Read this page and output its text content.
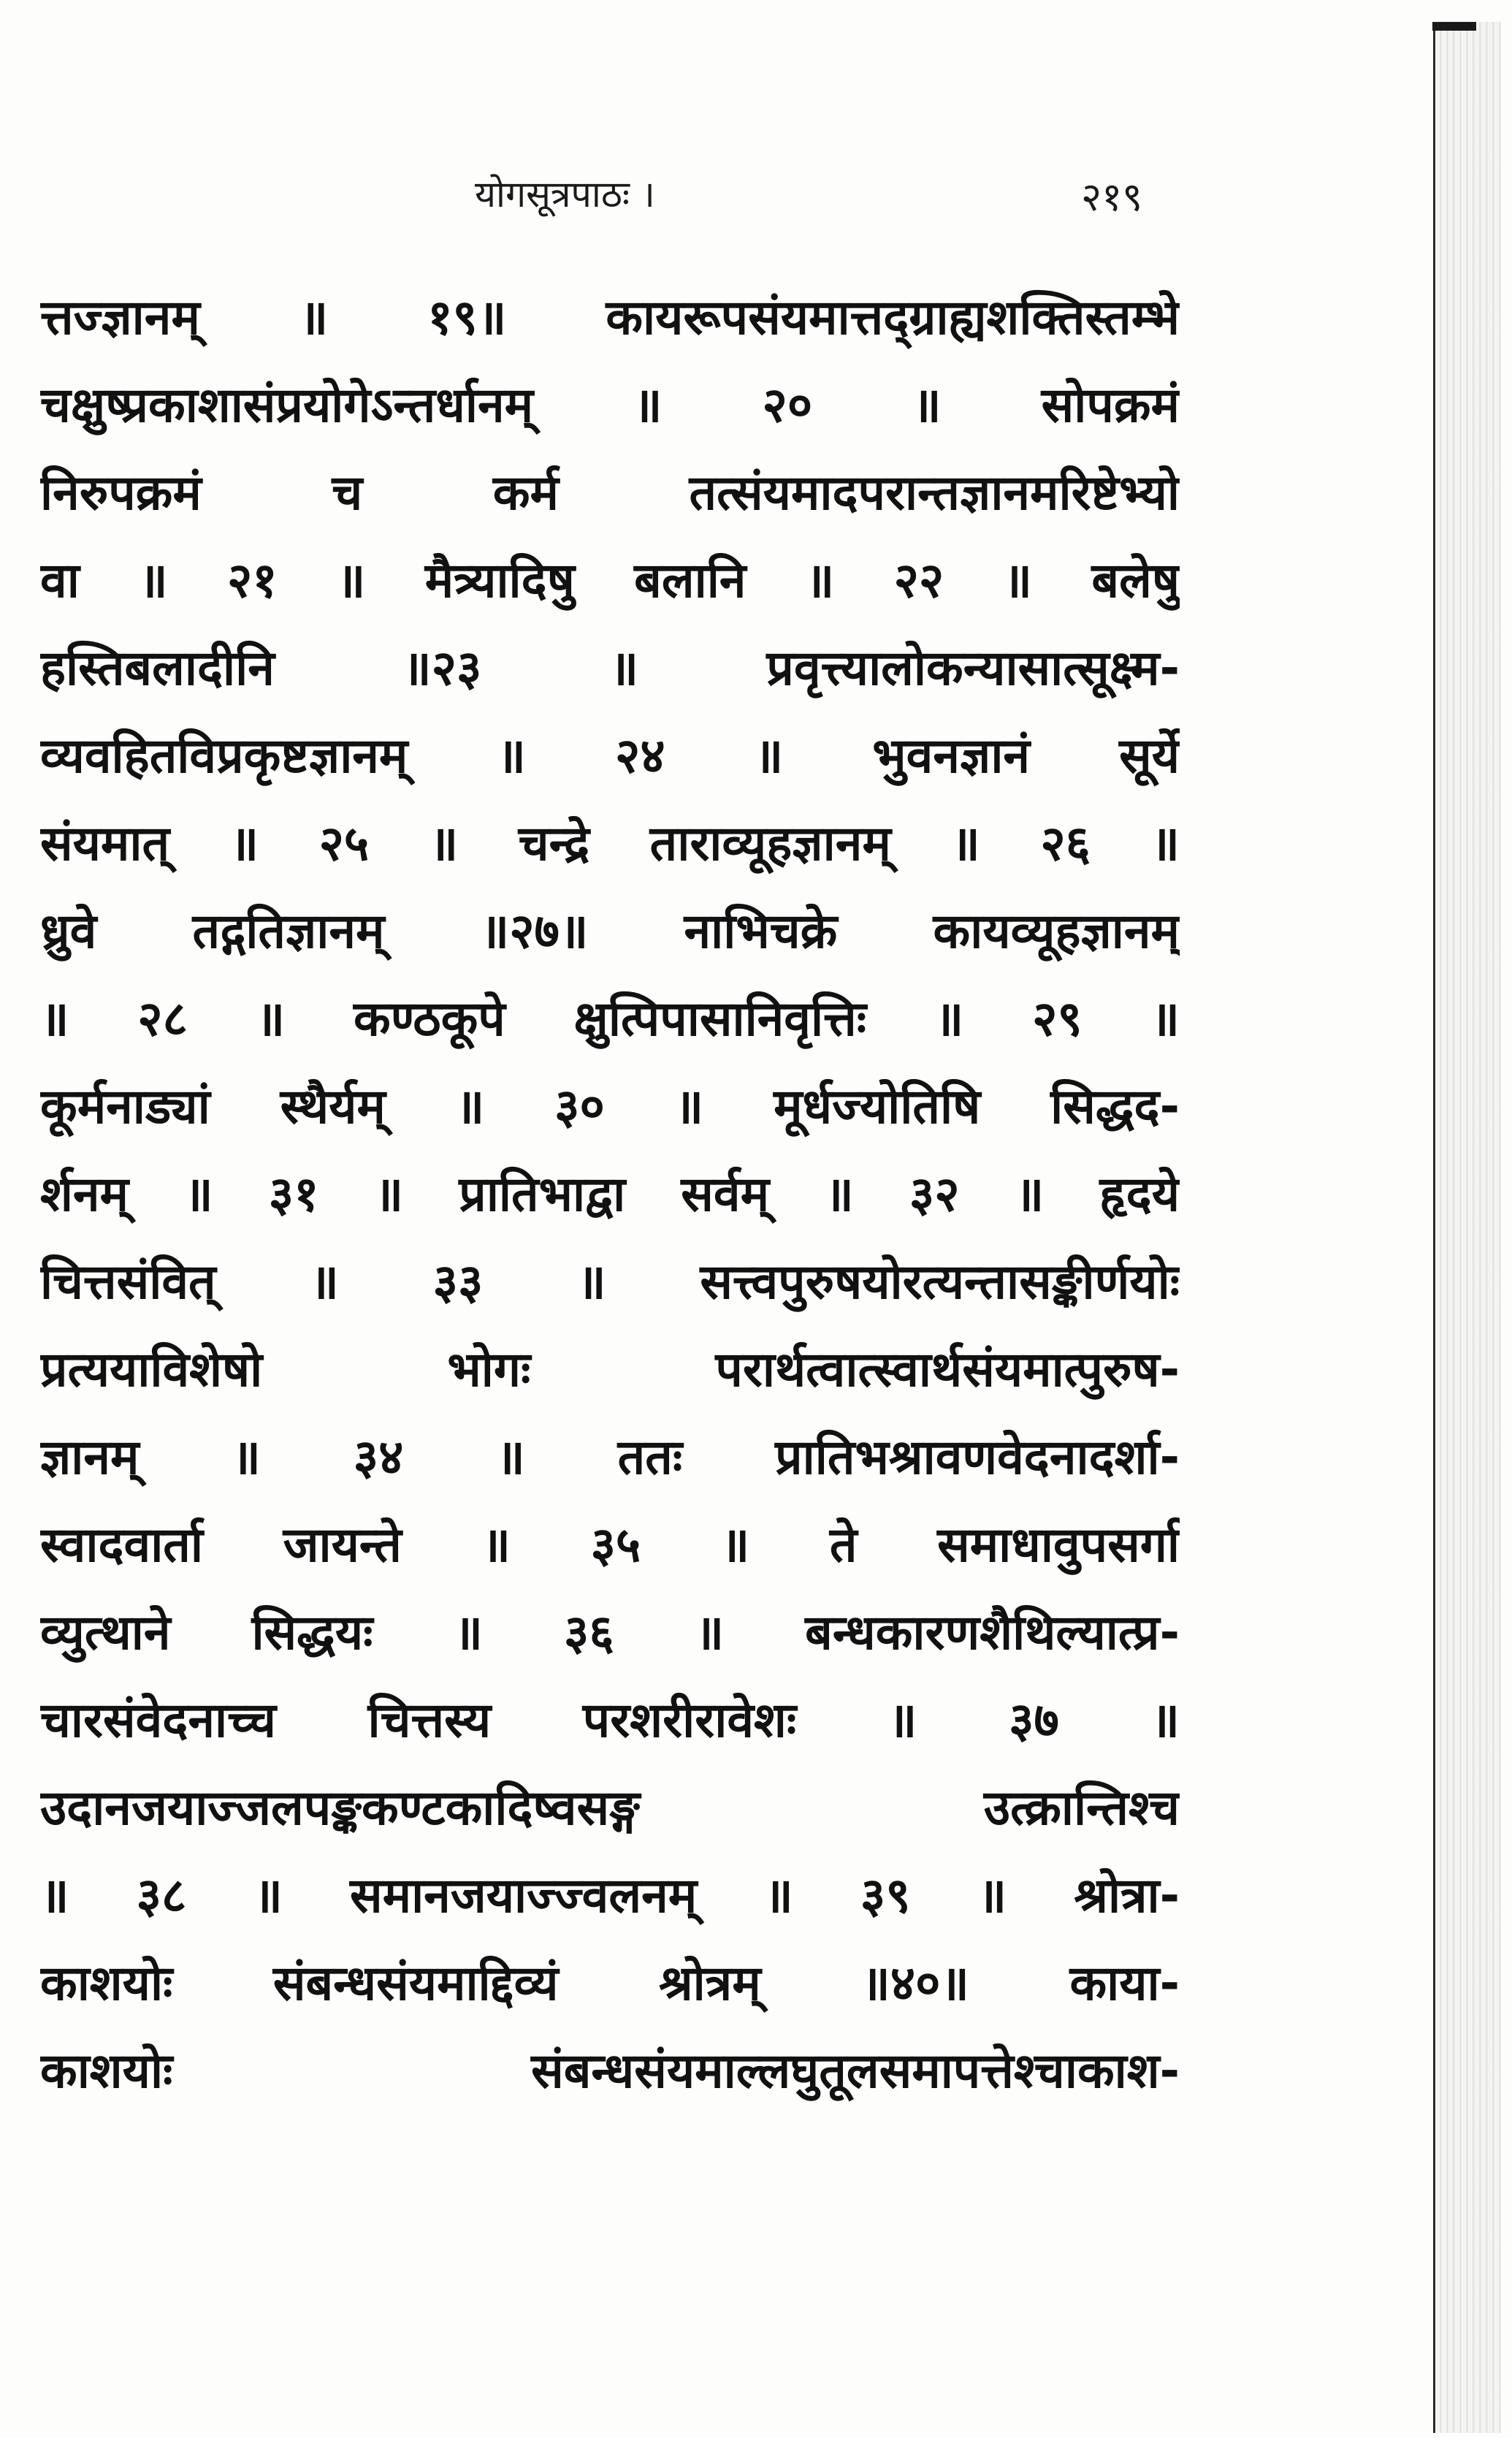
योगसूत्रपाठः ।	२१९
त्तज्ज्ञानम् ॥ १९॥ कायरूपसंयमात्तद्ग्राह्यशक्तिस्तम्भे
चक्षुष्प्रकाशासंप्रयोगेऽन्तर्धानम् ॥ २० ॥ सोपक्रमं
निरुपक्रमं च कर्म तत्संयमादपरान्तज्ञानमरिष्टेभ्यो
वा ॥ २१ ॥ मैत्र्यादिषु बलानि ॥ २२ ॥ बलेषु
हस्तिबलादीनि ॥२३ ॥ प्रवृत्त्यालोकन्यासात्सूक्ष्म-
व्यवहितविप्रकृष्टज्ञानम् ॥ २४ ॥ भुवनज्ञानं सूर्ये
संयमात् ॥ २५ ॥ चन्द्रे ताराव्यूहज्ञानम् ॥ २६ ॥
ध्रुवे तद्गतिज्ञानम् ॥२७॥ नाभिचक्रे कायव्यूहज्ञानम्
॥ २८ ॥ कण्ठकूपे क्षुत्पिपासानिवृत्तिः ॥ २९ ॥
कूर्मनाड्यां स्थैर्यम् ॥ ३० ॥ मूर्धज्योतिषि सिद्धद-
र्शनम् ॥ ३१ ॥ प्रातिभाद्वा सर्वम् ॥ ३२ ॥ हृदये
चित्तसंवित् ॥ ३३ ॥ सत्त्वपुरुषयोरत्यन्तासङ्कीर्णयोः
प्रत्ययाविशेषो भोगः परार्थत्वात्स्वार्थसंयमात्पुरुष-
ज्ञानम् ॥ ३४ ॥ ततः प्रातिभश्रावणवेदनादर्शा-
स्वादवार्ता जायन्ते ॥ ३५ ॥ ते समाधावुपसर्गा
व्युत्थाने सिद्धयः ॥ ३६ ॥ बन्धकारणशैथिल्यात्प्र-
चारसंवेदनाच्च चित्तस्य परशरीरावेशः ॥ ३७ ॥
उदानजयाज्जलपङ्ककण्टकादिष्वसङ्ग उत्क्रान्तिश्च
॥ ३८ ॥ समानजयाज्ज्वलनम् ॥ ३९ ॥ श्रोत्रा-
काशयोः संबन्धसंयमाद्दिव्यं श्रोत्रम् ॥४०॥ काया-
काशयोः संबन्धसंयमाल्लघुतूलसमापत्तेश्चाकाश-
